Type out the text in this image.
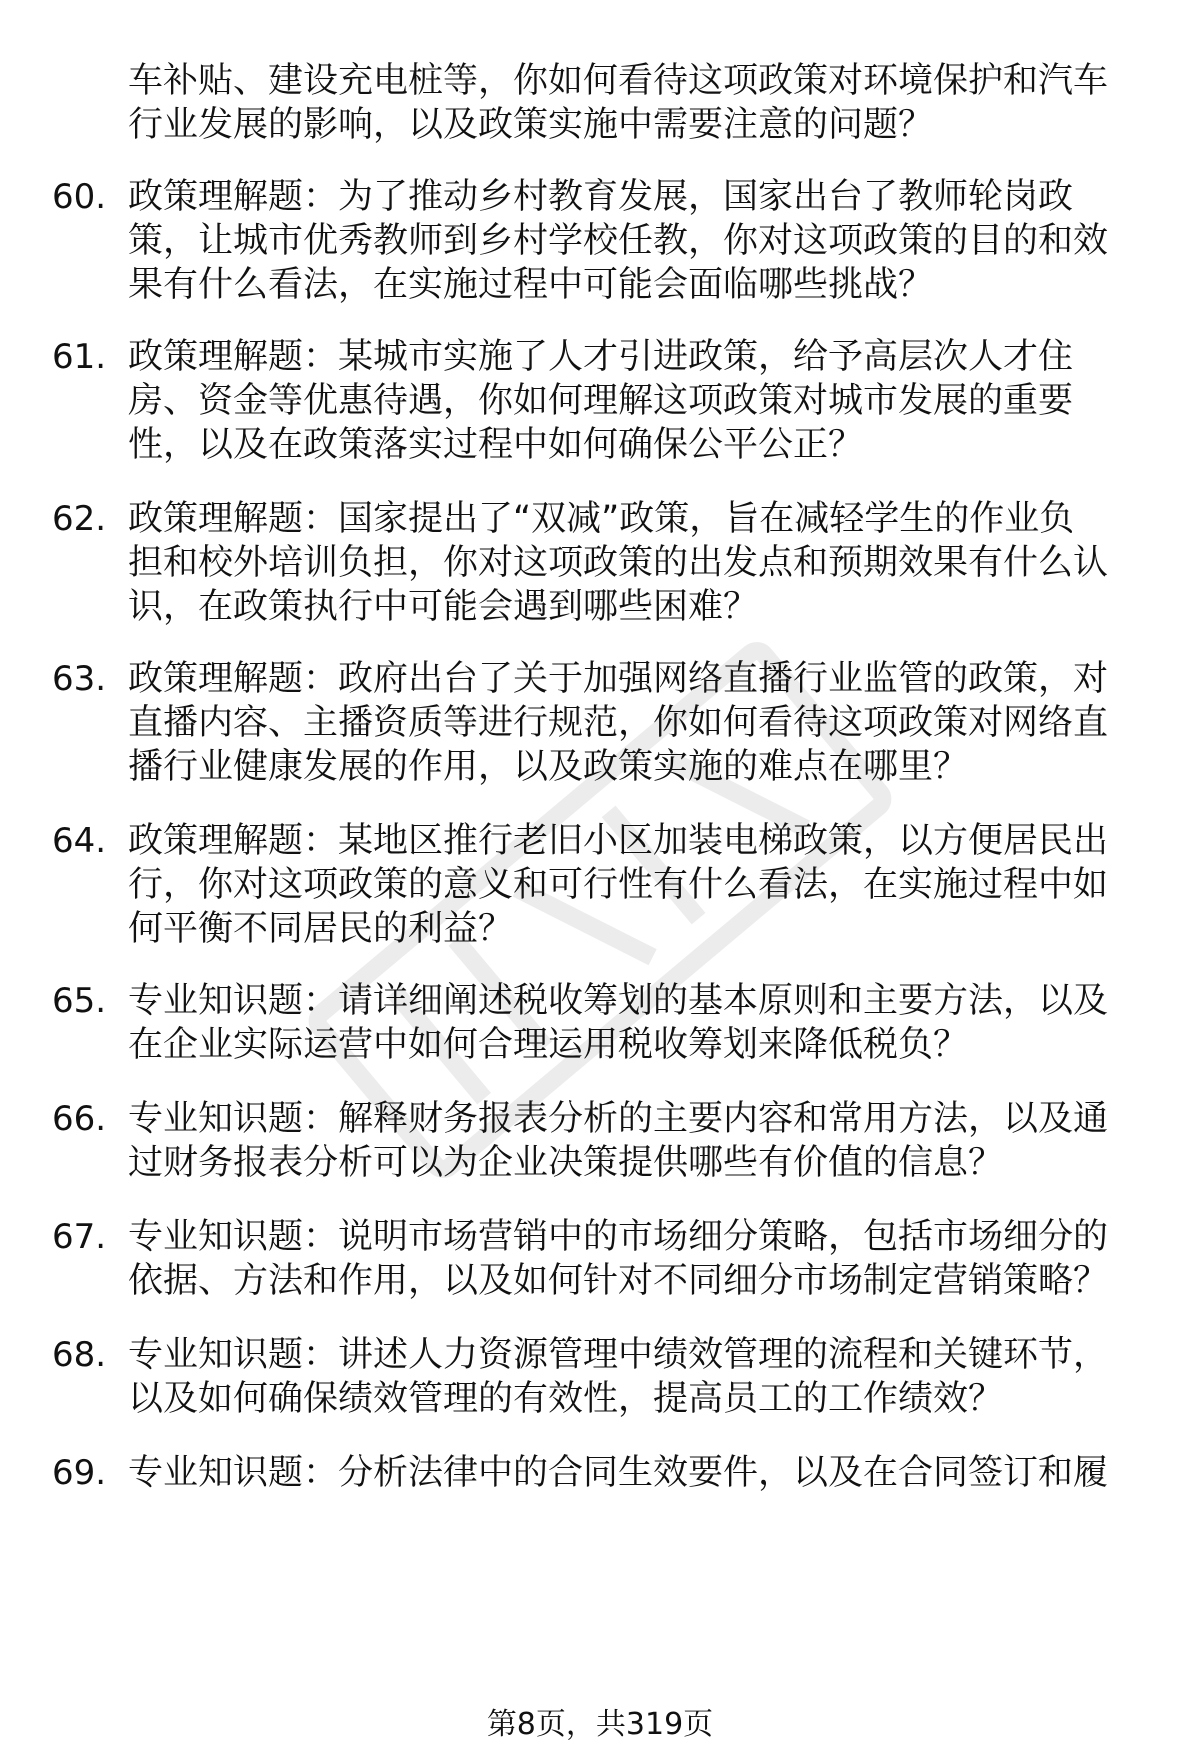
车补贴、建设充电桩等，你如何看待这项政策对环境保护和汽车
行业发展的影响，以及政策实施中需要注意的问题？
60. 政策理解题：为了推动乡村教育发展，国家出台了教师轮岗政
策，让城市优秀教师到乡村学校任教，你对这项政策的目的和效
果有什么看法，在实施过程中可能会面临哪些挑战？
61. 政策理解题：某城市实施了人才引进政策，给予高层次人才住
房、资金等优惠待遇，你如何理解这项政策对城市发展的重要
性，以及在政策落实过程中如何确保公平公正？
62. 政策理解题：国家提出了“双减”政策，旨在减轻学生的作业负
担和校外培训负担，你对这项政策的出发点和预期效果有什么认
识，在政策执行中可能会遇到哪些困难？
63. 政策理解题：政府出台了关于加强网络直播行业监管的政策，对
直播内容、主播资质等进行规范，你如何看待这项政策对网络直
播行业健康发展的作用，以及政策实施的难点在哪里？
64. 政策理解题：某地区推行老旧小区加装电梯政策，以方便居民出
行，你对这项政策的意义和可行性有什么看法，在实施过程中如
何平衡不同居民的利益？
65. 专业知识题：请详细阐述税收筹划的基本原则和主要方法，以及
在企业实际运营中如何合理运用税收筹划来降低税负？
66. 专业知识题：解释财务报表分析的主要内容和常用方法，以及通
过财务报表分析可以为企业决策提供哪些有价值的信息？
67. 专业知识题：说明市场营销中的市场细分策略，包括市场细分的
依据、方法和作用，以及如何针对不同细分市场制定营销策略？
68. 专业知识题：讲述人力资源管理中绩效管理的流程和关键环节，
以及如何确保绩效管理的有效性，提高员工的工作绩效？
69. 专业知识题：分析法律中的合同生效要件，以及在合同签订和履
第8页，共319页
